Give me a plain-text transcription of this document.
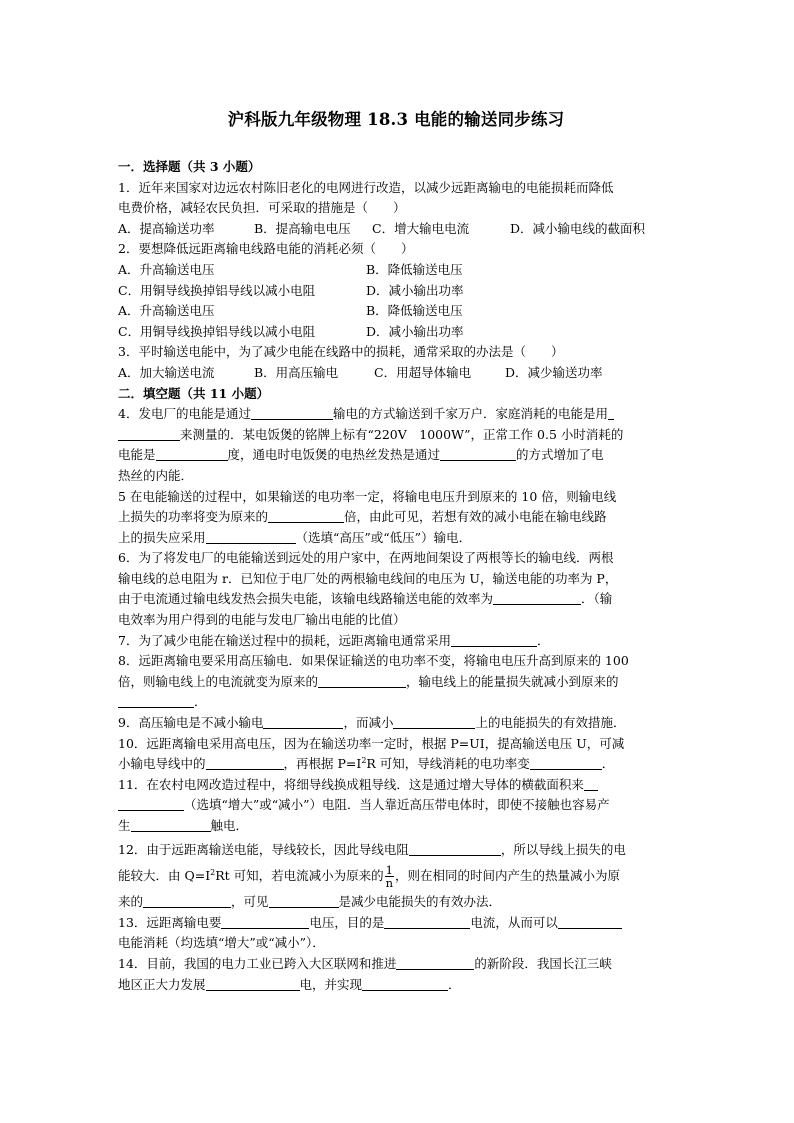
沪科版九年级物理 18.3 电能的输送同步练习
一．选择题（共 3 小题）
1．近年来国家对边远农村陈旧老化的电网进行改造，以减少远距离输电的电能损耗而降低
电费价格，减轻农民负担．可采取的措施是（　　）
A．提高输送功率	B．提高输电电压	C．增大输电电流	D．减小输电线的截面积
2．要想降低远距离输电线路电能的消耗必须（　　）
A．升高输送电压	B．降低输送电压
C．用铜导线换掉铝导线以减小电阻	D．减小输出功率
A．升高输送电压	B．降低输送电压
C．用铜导线换掉铝导线以减小电阻	D．减小输出功率
3．平时输送电能中，为了减少电能在线路中的损耗，通常采取的办法是（　　）
A．加大输送电流	B．用高压输电	C．用超导体输电	D．减少输送功率
二．填空题（共 11 小题）
4．发电厂的电能是通过	输电的方式输送到千家万户．家庭消耗的电能是用
来测量的．某电饭煲的铭牌上标有“220V　1000W”，正常工作 0.5 小时消耗的
电能是	度，通电时电饭煲的电热丝发热是通过	的方式增加了电
热丝的内能．
5 在电能输送的过程中，如果输送的电功率一定，将输电电压升到原来的 10 倍，则输电线
上损失的功率将变为原来的	倍，由此可见，若想有效的减小电能在输电线路
上的损失应采用	（选填“高压”或“低压”）输电．
6．为了将发电厂的电能输送到远处的用户家中，在两地间架设了两根等长的输电线．两根
输电线的总电阻为 r．已知位于电厂处的两根输电线间的电压为 U，输送电能的功率为 P，
由于电流通过输电线发热会损失电能，该输电线路输送电能的效率为	．（输
电效率为用户得到的电能与发电厂输出电能的比值）
7．为了减少电能在输送过程中的损耗，远距离输电通常采用	．
8．远距离输电要采用高压输电．如果保证输送的电功率不变，将输电电压升高到原来的 100
倍，则输电线上的电流就变为原来的	，输电线上的能量损失就减小到原来的
．
9．高压输电是不减小输电	，而减小	上的电能损失的有效措施．
10．远距离输电采用高电压，因为在输送功率一定时，根据 P=UI，提高输送电压 U，可减
小输电导线中的	，再根据 $P=I^2R$ 可知，导线消耗的电功率变	．
11．在农村电网改造过程中，将细导线换成粗导线．这是通过增大导体的横截面积来
（选填“增大”或“减小”）电阻．当人靠近高压带电体时，即使不接触也容易产
生	触电．
12．由于远距离输送电能，导线较长，因此导线电阻	，所以导线上损失的电
能较大．由 $Q=I^2Rt$ 可知，若电流减小为原来的 $\frac{1}{n}$ ，则在相同的时间内产生的热量减小为原
来的	，可见	是减少电能损失的有效办法．
13．远距离输电要	电压，目的是	电流，从而可以
电能消耗（均选填“增大”或“减小”）．
14．目前，我国的电力工业已跨入大区联网和推进	的新阶段．我国长江三峡
地区正大力发展	电，并实现	．
